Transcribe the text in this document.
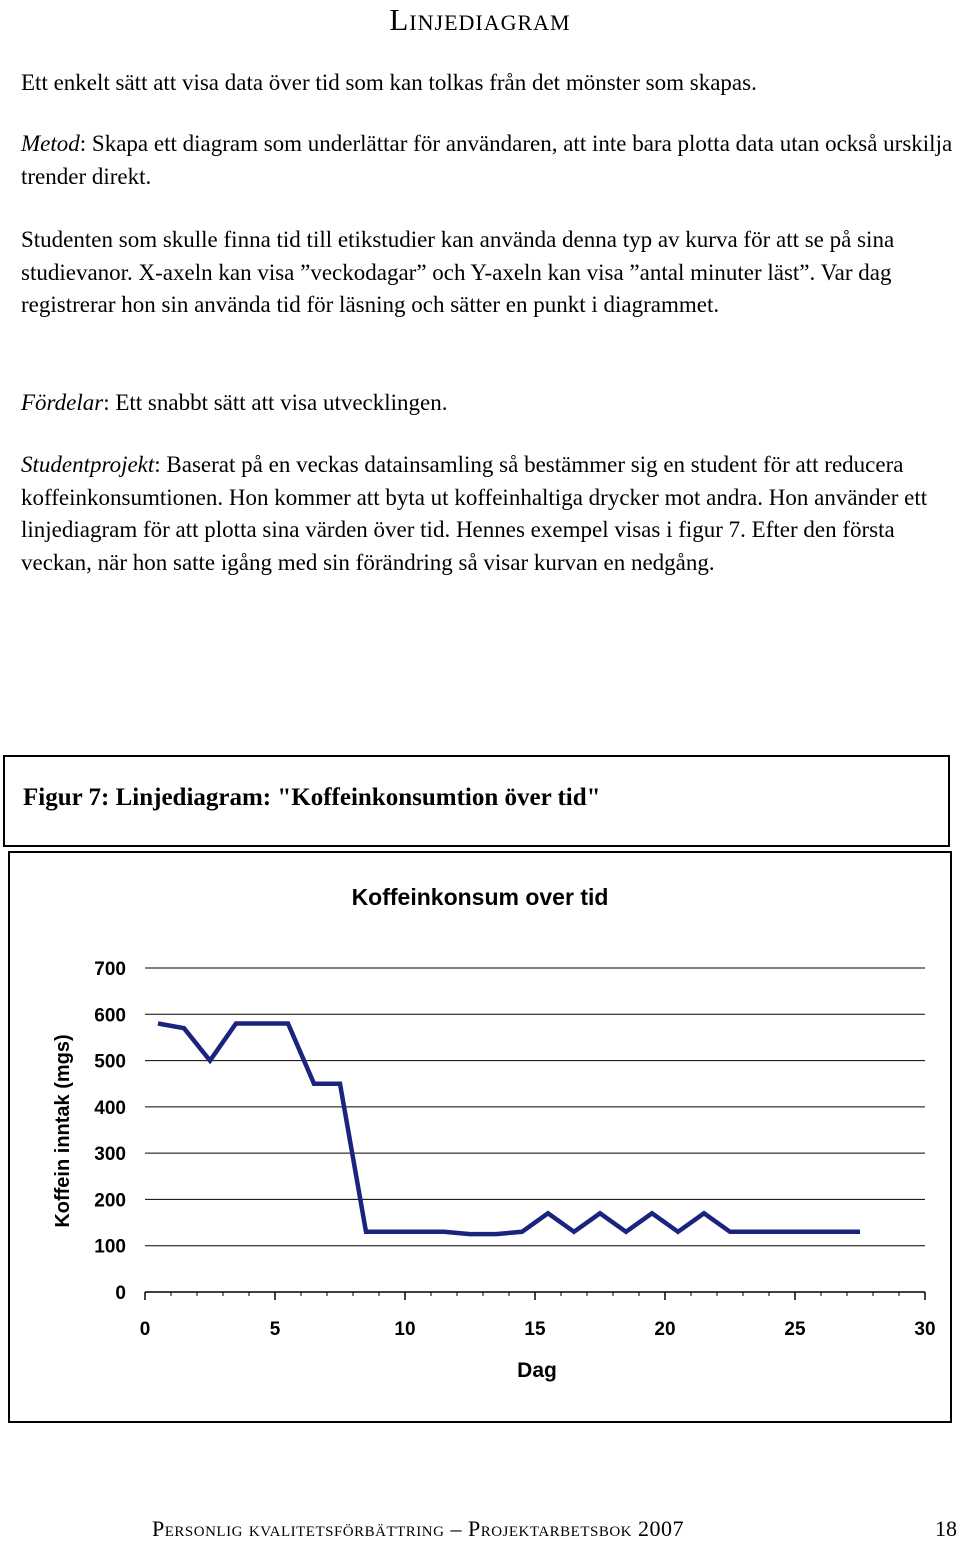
Linjediagram

Ett enkelt sätt att visa data över tid som kan tolkas från det mönster som skapas.

Metod: Skapa ett diagram som underlättar för användaren, att inte bara plotta data utan också urskilja trender direkt.

Studenten som skulle finna tid till etikstudier kan använda denna typ av kurva för att se på sina studievanor. X-axeln kan visa ”veckodagar” och Y-axeln kan visa ”antal minuter läst”. Var dag registrerar hon sin använda tid för läsning och sätter en punkt i diagrammet.

Fördelar: Ett snabbt sätt att visa utvecklingen.

Studentprojekt: Baserat på en veckas datainsamling så bestämmer sig en student för att reducera koffeinkonsumtionen. Hon kommer att byta ut koffeinhaltiga drycker mot andra. Hon använder ett linjediagram för att plotta sina värden över tid. Hennes exempel visas i figur 7. Efter den första veckan, när hon satte igång med sin förändring så visar kurvan en nedgång.

Figur 7: Linjediagram: "Koffeinkonsumtion över tid"
Koffeinkonsum over tid
0
100
200
300
400
500
600
700
0	5	10	15	20	25	30
Dag
Koffein inntak (mgs)
Personlig kvalitetsförbättring – Projektarbetsbok 2007	18
